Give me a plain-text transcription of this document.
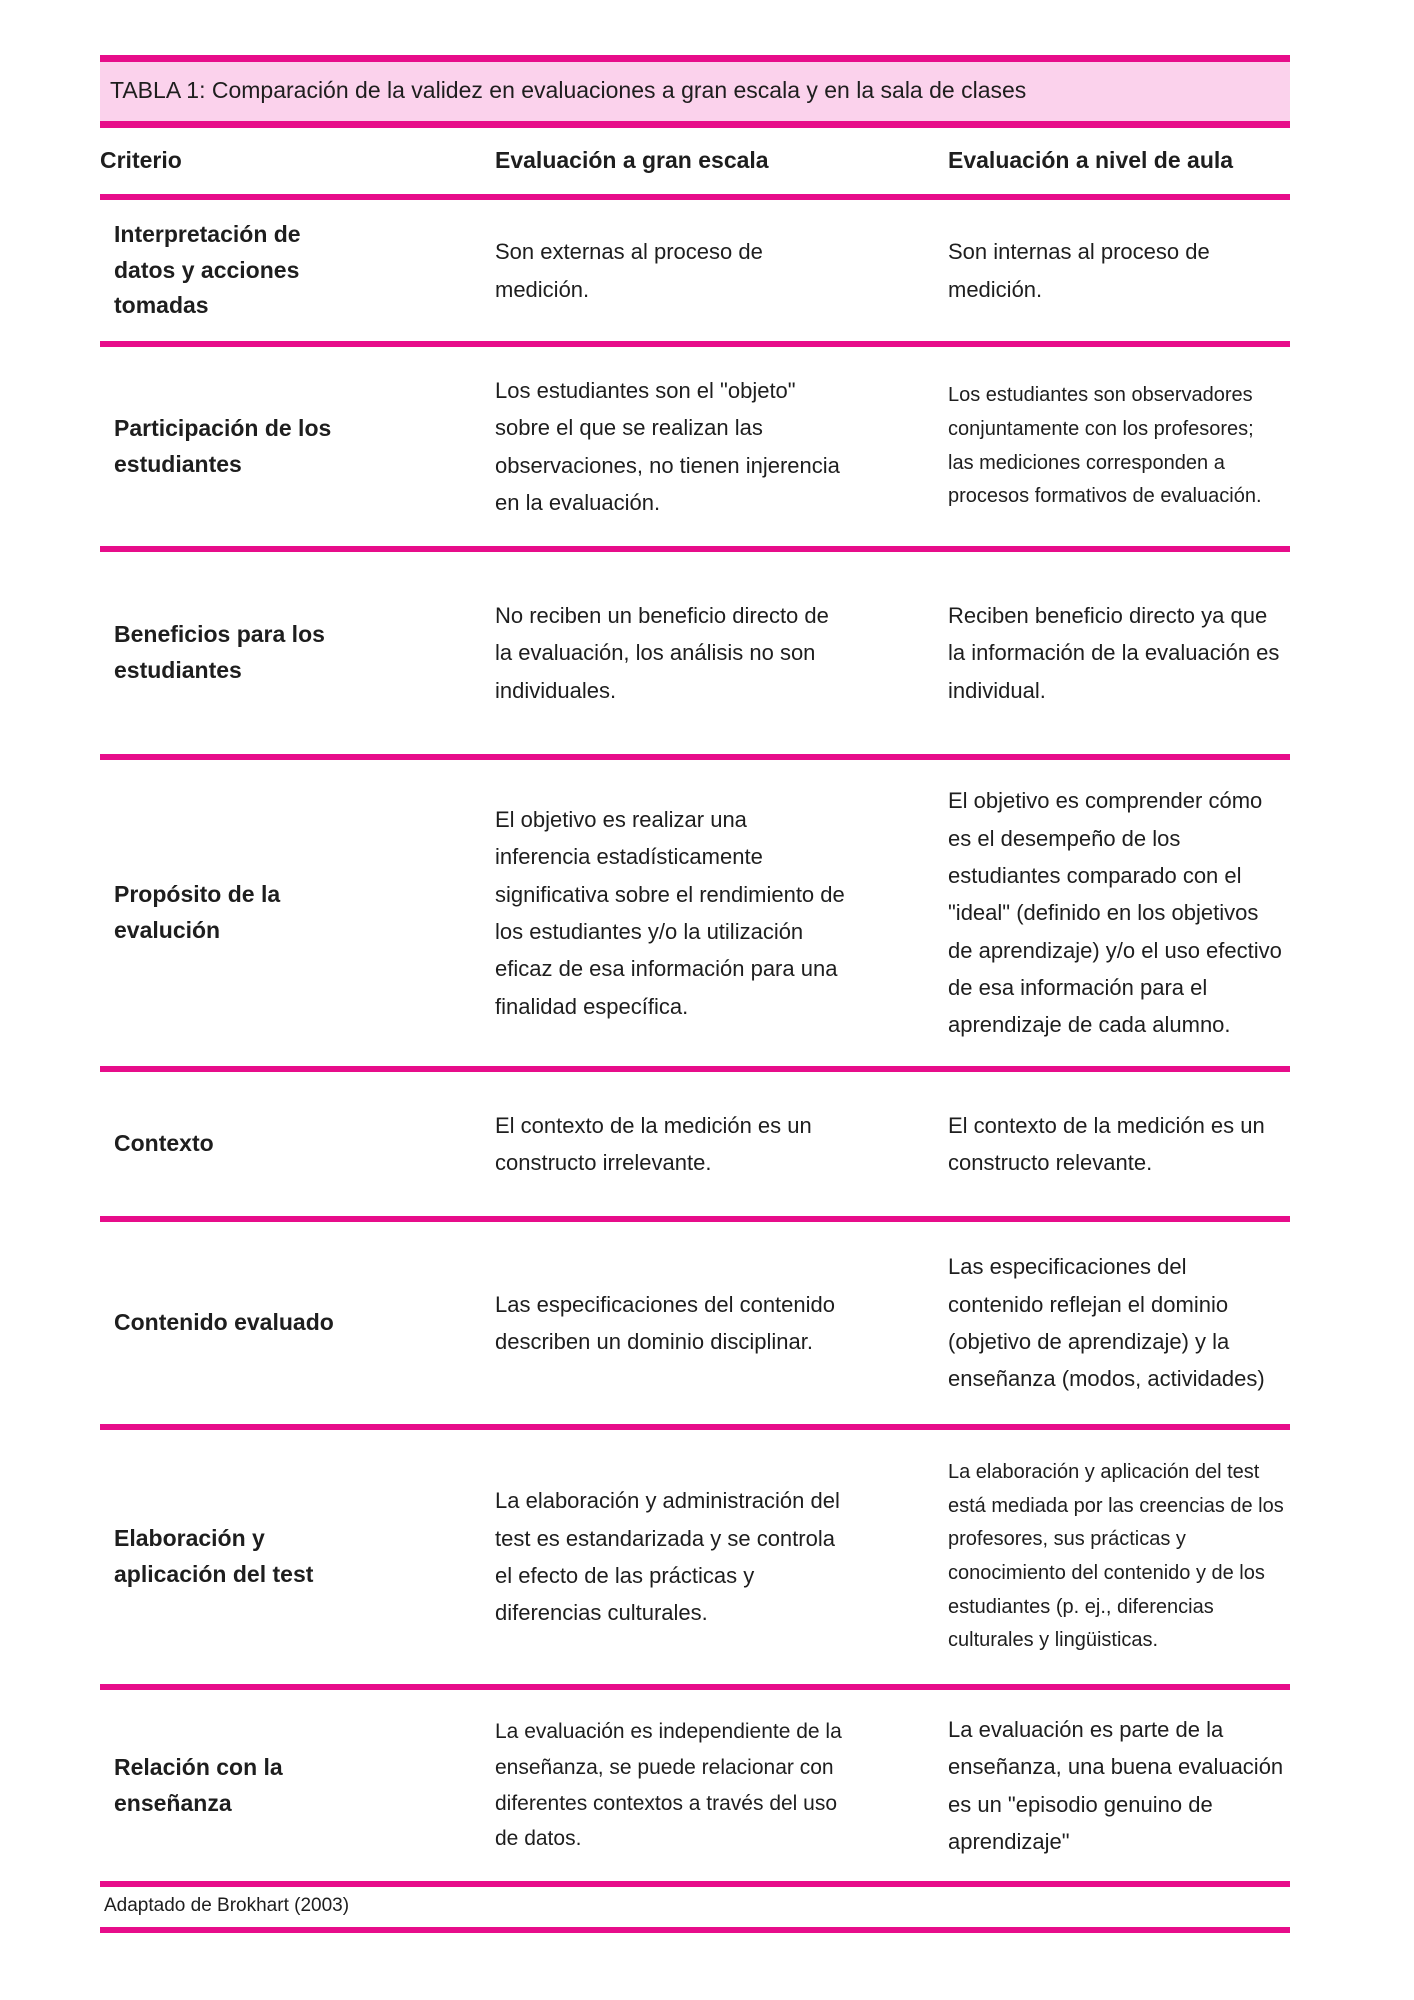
TABLA 1: Comparación de la validez en evaluaciones a gran escala y en la sala de clases

Criterio	Evaluación a gran escala	Evaluación a nivel de aula

Interpretación de datos y acciones tomadas

Son externas al proceso de medición.

Son internas al proceso de medición.

Participación de los estudiantes

Los estudiantes son el "objeto" sobre el que se realizan las observaciones, no tienen injerencia en la evaluación.

Los estudiantes son observadores conjuntamente con los profesores; las mediciones corresponden a procesos formativos de evaluación.

Beneficios para los estudiantes

No reciben un beneficio directo de la evaluación, los análisis no son individuales.

Reciben beneficio directo ya que la información de la evaluación es individual.

Propósito de la evalución

El objetivo es realizar una inferencia estadísticamente significativa sobre el rendimiento de los estudiantes y/o la utilización eficaz de esa información para una finalidad específica.

El objetivo es comprender cómo es el desempeño de los estudiantes comparado con el "ideal" (definido en los objetivos de aprendizaje) y/o el uso efectivo de esa información para el aprendizaje de cada alumno.

Contexto

El contexto de la medición es un constructo irrelevante.

El contexto de la medición es un constructo relevante.

Contenido evaluado

Las especificaciones del contenido describen un dominio disciplinar.

Las especificaciones del contenido reflejan el dominio (objetivo de aprendizaje) y la enseñanza (modos, actividades)

Elaboración y aplicación del test

La elaboración y administración del test es estandarizada y se controla el efecto de las prácticas y diferencias culturales.

La elaboración y aplicación del test está mediada por las creencias de los profesores, sus prácticas y conocimiento del contenido y de los estudiantes (p. ej., diferencias culturales y lingüisticas.

Relación con la enseñanza

La evaluación es independiente de la enseñanza, se puede relacionar con diferentes contextos a través del uso de datos.

La evaluación es parte de la enseñanza, una buena evaluación es un "episodio genuino de aprendizaje"

Adaptado de Brokhart (2003)
